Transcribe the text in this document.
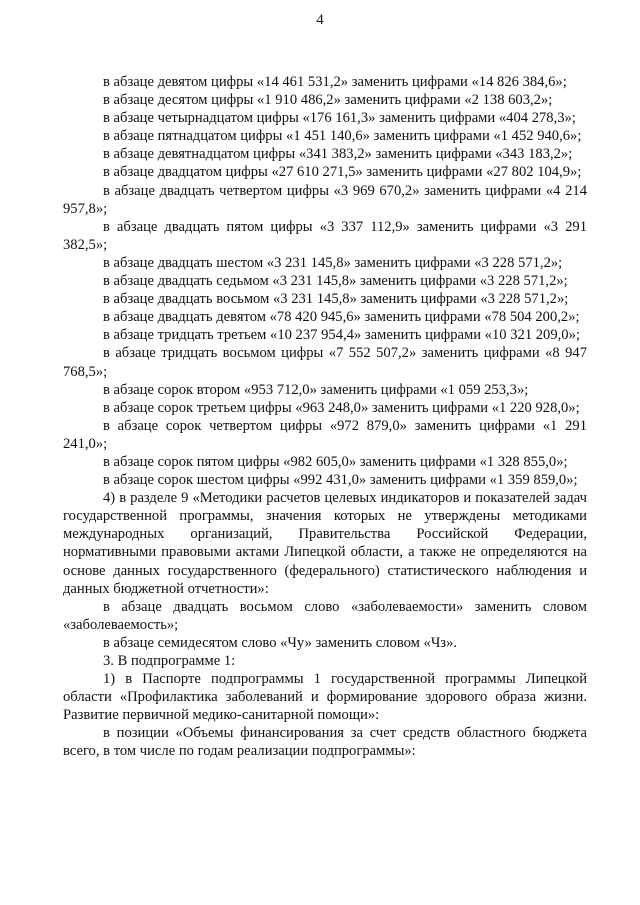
4

в абзаце девятом цифры «14 461 531,2» заменить цифрами «14 826 384,6»;

в абзаце десятом цифры «1 910 486,2» заменить цифрами «2 138 603,2»;

в абзаце четырнадцатом цифры «176 161,3» заменить цифрами «404 278,3»;

в абзаце пятнадцатом цифры «1 451 140,6» заменить цифрами «1 452 940,6»;

в абзаце девятнадцатом цифры «341 383,2» заменить цифрами «343 183,2»;

в абзаце двадцатом цифры «27 610 271,5» заменить цифрами «27 802 104,9»;

в абзаце двадцать четвертом цифры «3 969 670,2» заменить цифрами «4 214 957,8»;

в абзаце двадцать пятом цифры «3 337 112,9» заменить цифрами «3 291 382,5»;

в абзаце двадцать шестом «3 231 145,8» заменить цифрами «3 228 571,2»;

в абзаце двадцать седьмом «3 231 145,8» заменить цифрами «3 228 571,2»;

в абзаце двадцать восьмом «3 231 145,8» заменить цифрами «3 228 571,2»;

в абзаце двадцать девятом «78 420 945,6» заменить цифрами «78 504 200,2»;

в абзаце тридцать третьем «10 237 954,4» заменить цифрами «10 321 209,0»;

в абзаце тридцать восьмом цифры «7 552 507,2» заменить цифрами «8 947 768,5»;

в абзаце сорок втором «953 712,0» заменить цифрами «1 059 253,3»;

в абзаце сорок третьем цифры «963 248,0» заменить цифрами «1 220 928,0»;

в абзаце сорок четвертом цифры «972 879,0» заменить цифрами «1 291 241,0»;

в абзаце сорок пятом цифры «982 605,0» заменить цифрами «1 328 855,0»;

в абзаце сорок шестом цифры «992 431,0» заменить цифрами «1 359 859,0»;

4) в разделе 9 «Методики расчетов целевых индикаторов и показателей задач государственной программы, значения которых не утверждены методиками международных организаций, Правительства Российской Федерации, нормативными правовыми актами Липецкой области, а также не определяются на основе данных государственного (федерального) статистического наблюдения и данных бюджетной отчетности»:

в абзаце двадцать восьмом слово «заболеваемости» заменить словом «заболеваемость»;

в абзаце семидесятом слово «Чу» заменить словом «Чз».

3. В подпрограмме 1:

1) в Паспорте подпрограммы 1 государственной программы Липецкой области «Профилактика заболеваний и формирование здорового образа жизни. Развитие первичной медико-санитарной помощи»:

в позиции «Объемы финансирования за счет средств областного бюджета всего, в том числе по годам реализации подпрограммы»:
